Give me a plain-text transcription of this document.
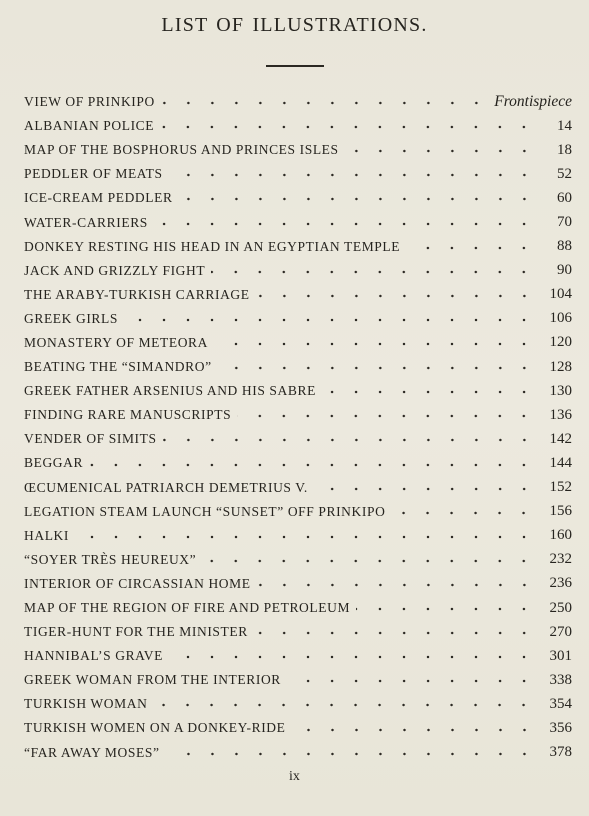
LIST OF ILLUSTRATIONS.
VIEW OF PRINKIPO	Frontispiece
ALBANIAN POLICE	14
MAP OF THE BOSPHORUS AND PRINCES ISLES	18
PEDDLER OF MEATS	52
ICE-CREAM PEDDLER	60
WATER-CARRIERS	70
DONKEY RESTING HIS HEAD IN AN EGYPTIAN TEMPLE	88
JACK AND GRIZZLY FIGHT	90
THE ARABY-TURKISH CARRIAGE	104
GREEK GIRLS	106
MONASTERY OF METEORA	120
BEATING THE “SIMANDRO”	128
GREEK FATHER ARSENIUS AND HIS SABRE	130
FINDING RARE MANUSCRIPTS	136
VENDER OF SIMITS	142
BEGGAR	144
ŒCUMENICAL PATRIARCH DEMETRIUS V.	152
LEGATION STEAM LAUNCH “SUNSET” OFF PRINKIPO	156
HALKI	160
“SOYER TRÈS HEUREUX”	232
INTERIOR OF CIRCASSIAN HOME	236
MAP OF THE REGION OF FIRE AND PETROLEUM	250
TIGER-HUNT FOR THE MINISTER	270
HANNIBAL’S GRAVE	301
GREEK WOMAN FROM THE INTERIOR	338
TURKISH WOMAN	354
TURKISH WOMEN ON A DONKEY-RIDE	356
“FAR AWAY MOSES”	378
ix
